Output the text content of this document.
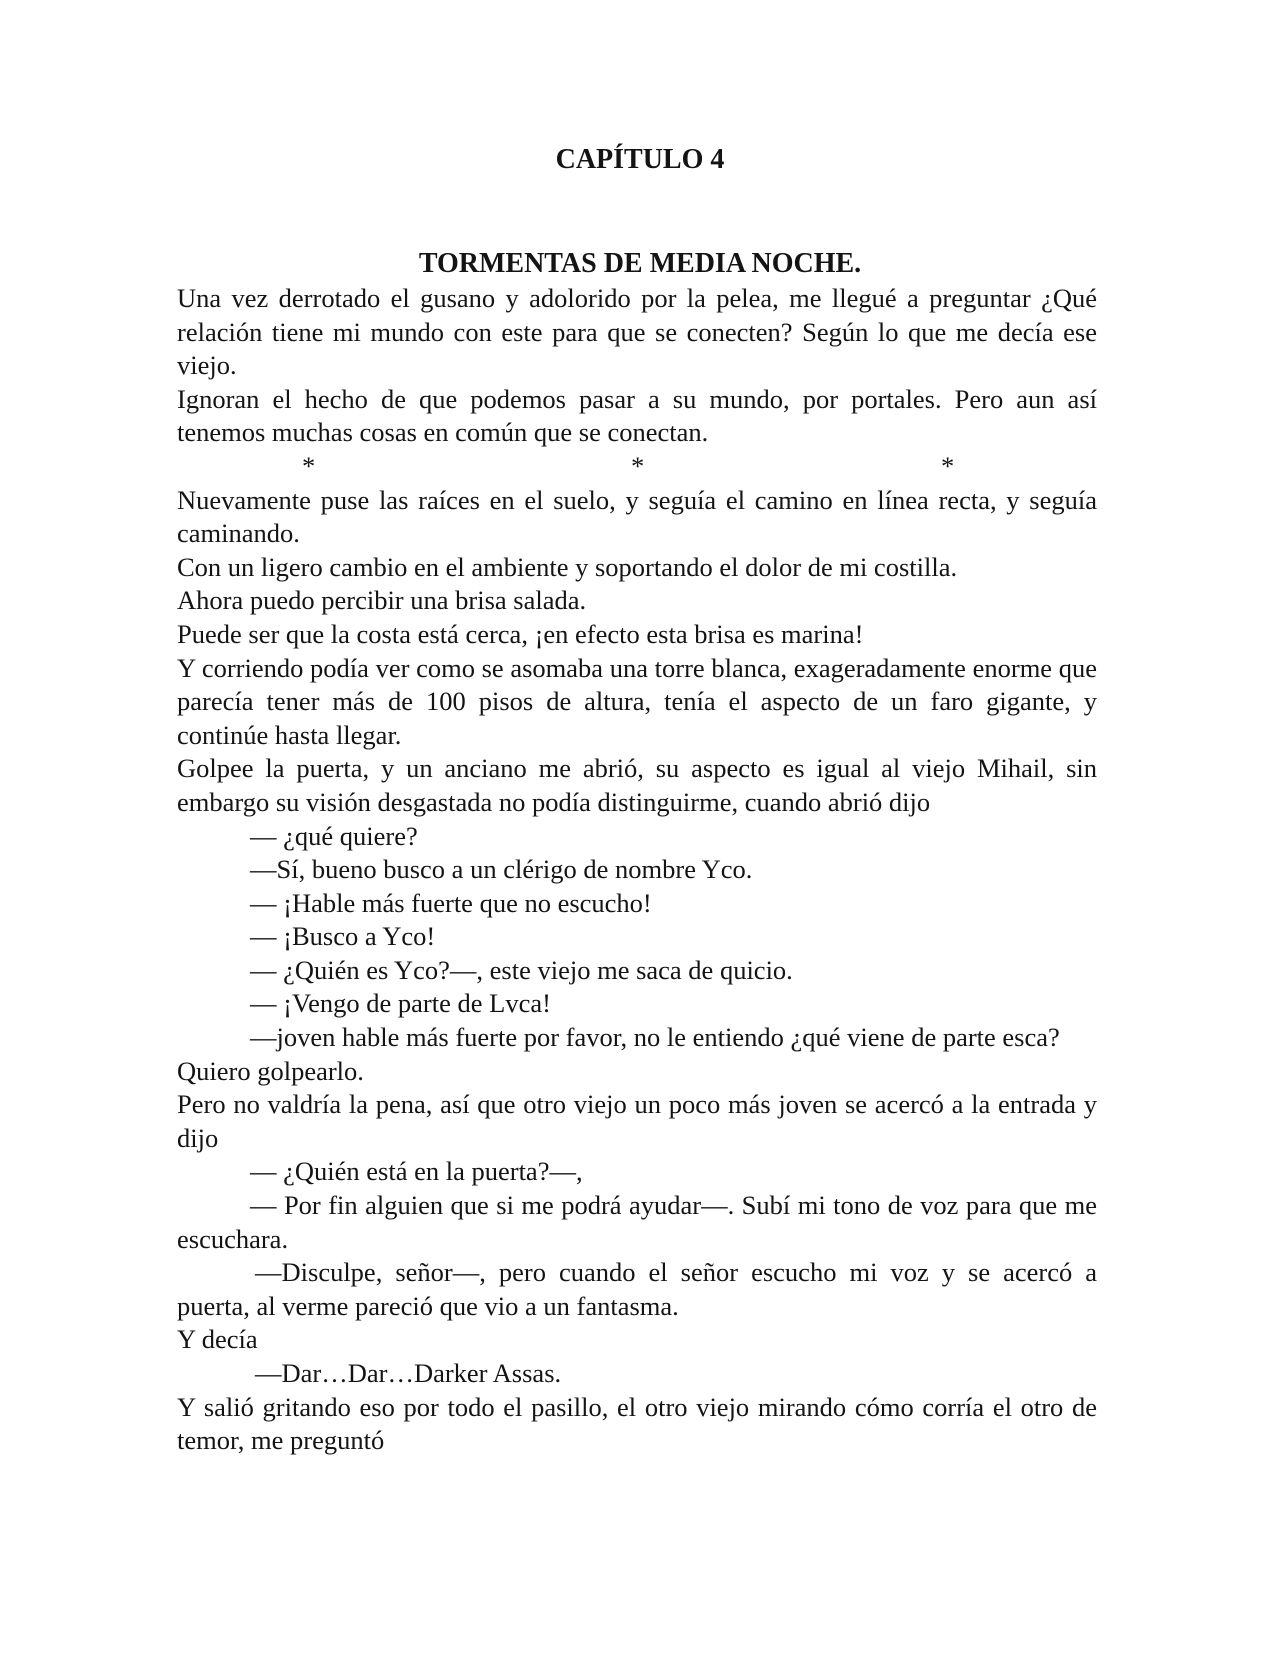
CAPÍTULO 4
TORMENTAS DE MEDIA NOCHE.

Una vez derrotado el gusano y adolorido por la pelea, me llegué a preguntar ¿Qué relación tiene mi mundo con este para que se conecten? Según lo que me decía ese viejo.

Ignoran el hecho de que podemos pasar a su mundo, por portales. Pero aun así tenemos muchas cosas en común que se conectan.

*	*	*

Nuevamente puse las raíces en el suelo, y seguía el camino en línea recta, y seguía caminando.

Con un ligero cambio en el ambiente y soportando el dolor de mi costilla.

Ahora puedo percibir una brisa salada.

Puede ser que la costa está cerca, ¡en efecto esta brisa es marina!

Y corriendo podía ver como se asomaba una torre blanca, exageradamente enorme que parecía tener más de 100 pisos de altura, tenía el aspecto de un faro gigante, y continúe hasta llegar.

Golpee la puerta, y un anciano me abrió, su aspecto es igual al viejo Mihail, sin embargo su visión desgastada no podía distinguirme, cuando abrió dijo

— ¿qué quiere?

—Sí, bueno busco a un clérigo de nombre Yco.

— ¡Hable más fuerte que no escucho!

— ¡Busco a Yco!

— ¿Quién es Yco?—, este viejo me saca de quicio.

— ¡Vengo de parte de Lvca!

—joven hable más fuerte por favor, no le entiendo ¿qué viene de parte esca?

Quiero golpearlo.

Pero no valdría la pena, así que otro viejo un poco más joven se acercó a la entrada y dijo

— ¿Quién está en la puerta?—,

— Por fin alguien que si me podrá ayudar—. Subí mi tono de voz para que me escuchara.

—Disculpe, señor—, pero cuando el señor escucho mi voz y se acercó a puerta, al verme pareció que vio a un fantasma.

Y decía

—Dar…Dar…Darker Assas.

Y salió gritando eso por todo el pasillo, el otro viejo mirando cómo corría el otro de temor, me preguntó
